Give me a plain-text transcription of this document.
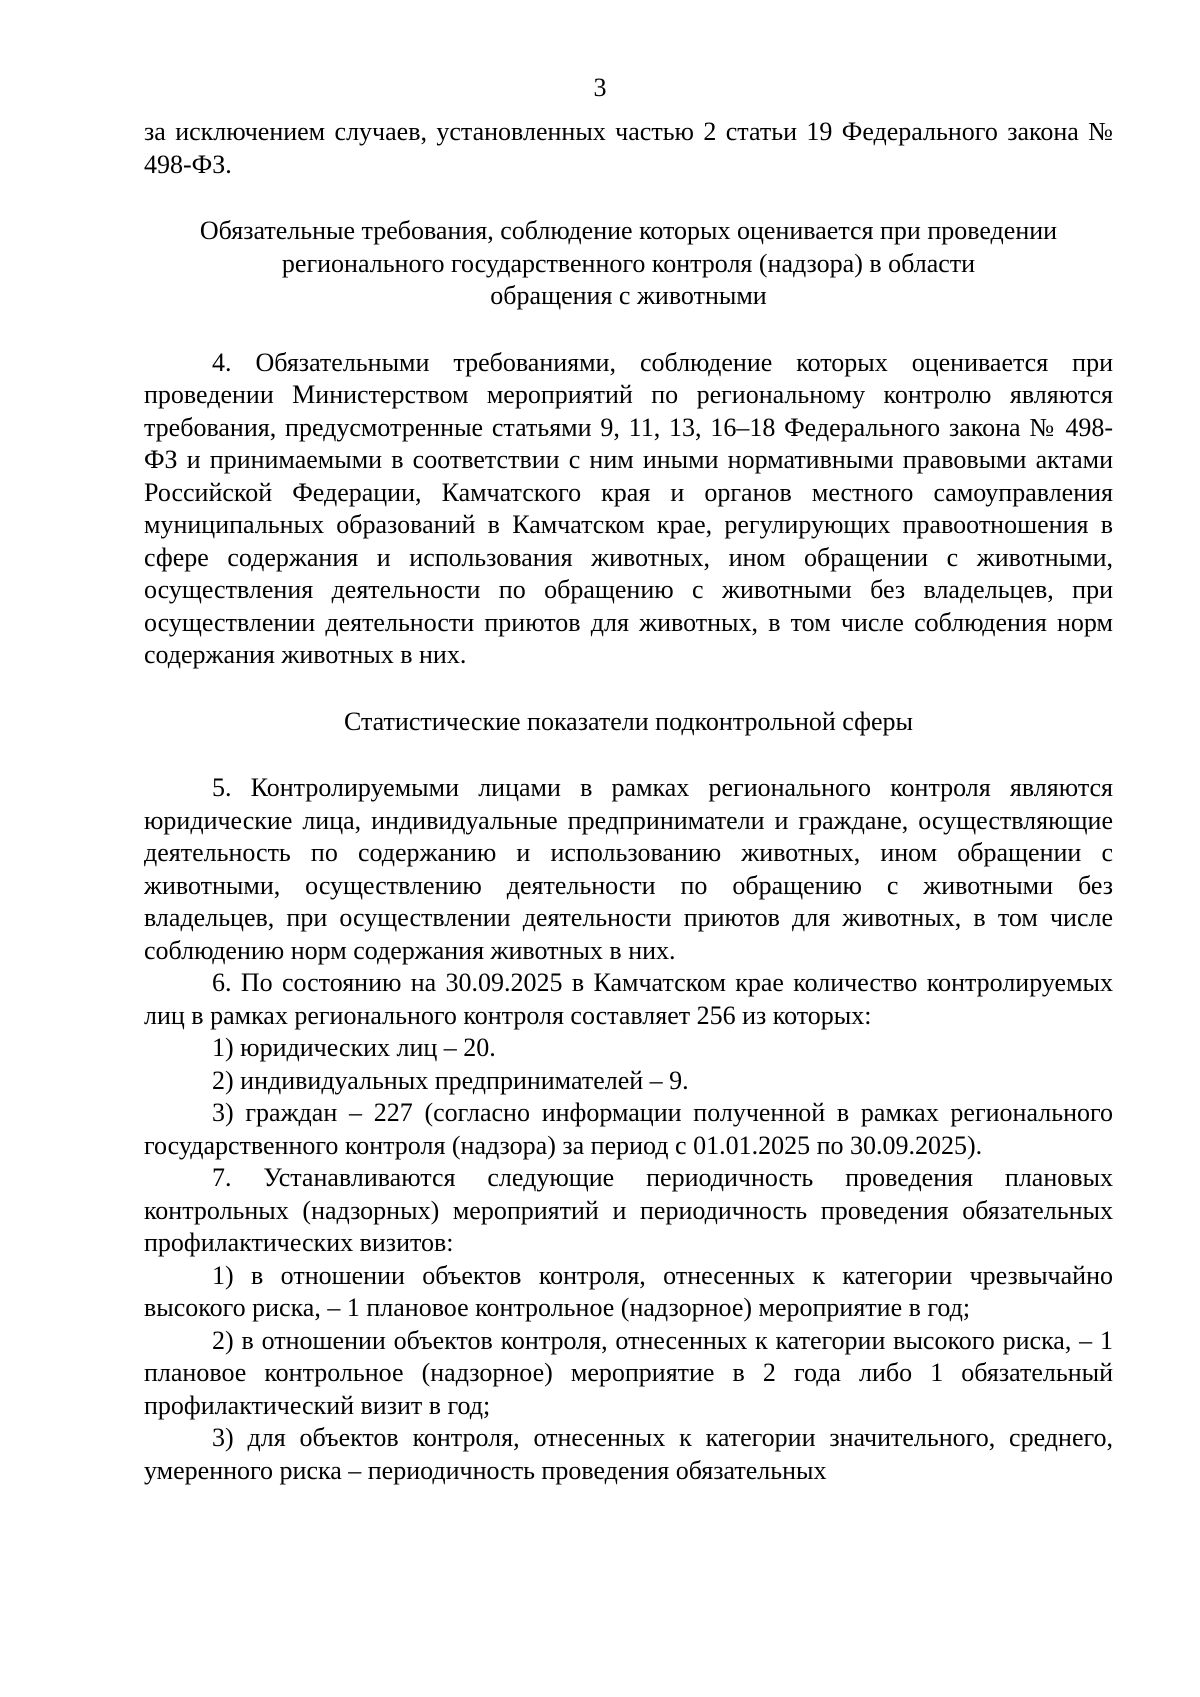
3

за исключением случаев, установленных частью 2 статьи 19 Федерального закона № 498-ФЗ.

Обязательные требования, соблюдение которых оценивается при проведении
регионального государственного контроля (надзора) в области
обращения с животными

4. Обязательными требованиями, соблюдение которых оценивается при проведении Министерством мероприятий по региональному контролю являются требования, предусмотренные статьями 9, 11, 13, 16–18 Федерального закона № 498-ФЗ и принимаемыми в соответствии с ним иными нормативными правовыми актами Российской Федерации, Камчатского края и органов местного самоуправления муниципальных образований в Камчатском крае, регулирующих правоотношения в сфере содержания и использования животных, ином обращении с животными, осуществления деятельности по обращению с животными без владельцев, при осуществлении деятельности приютов для животных, в том числе соблюдения норм содержания животных в них.

Статистические показатели подконтрольной сферы

5. Контролируемыми лицами в рамках регионального контроля являются юридические лица, индивидуальные предприниматели и граждане, осуществляющие деятельность по содержанию и использованию животных, ином обращении с животными, осуществлению деятельности по обращению с животными без владельцев, при осуществлении деятельности приютов для животных, в том числе соблюдению норм содержания животных в них.

6. По состоянию на 30.09.2025 в Камчатском крае количество контролируемых лиц в рамках регионального контроля составляет 256 из которых:

1) юридических лиц – 20.

2) индивидуальных предпринимателей – 9.

3) граждан – 227 (согласно информации полученной в рамках регионального государственного контроля (надзора) за период с 01.01.2025 по 30.09.2025).

7. Устанавливаются следующие периодичность проведения плановых контрольных (надзорных) мероприятий и периодичность проведения обязательных профилактических визитов:

1) в отношении объектов контроля, отнесенных к категории чрезвычайно высокого риска, – 1 плановое контрольное (надзорное) мероприятие в год;

2) в отношении объектов контроля, отнесенных к категории высокого риска, – 1 плановое контрольное (надзорное) мероприятие в 2 года либо 1 обязательный профилактический визит в год;

3) для объектов контроля, отнесенных к категории значительного, среднего, умеренного риска – периодичность проведения обязательных
